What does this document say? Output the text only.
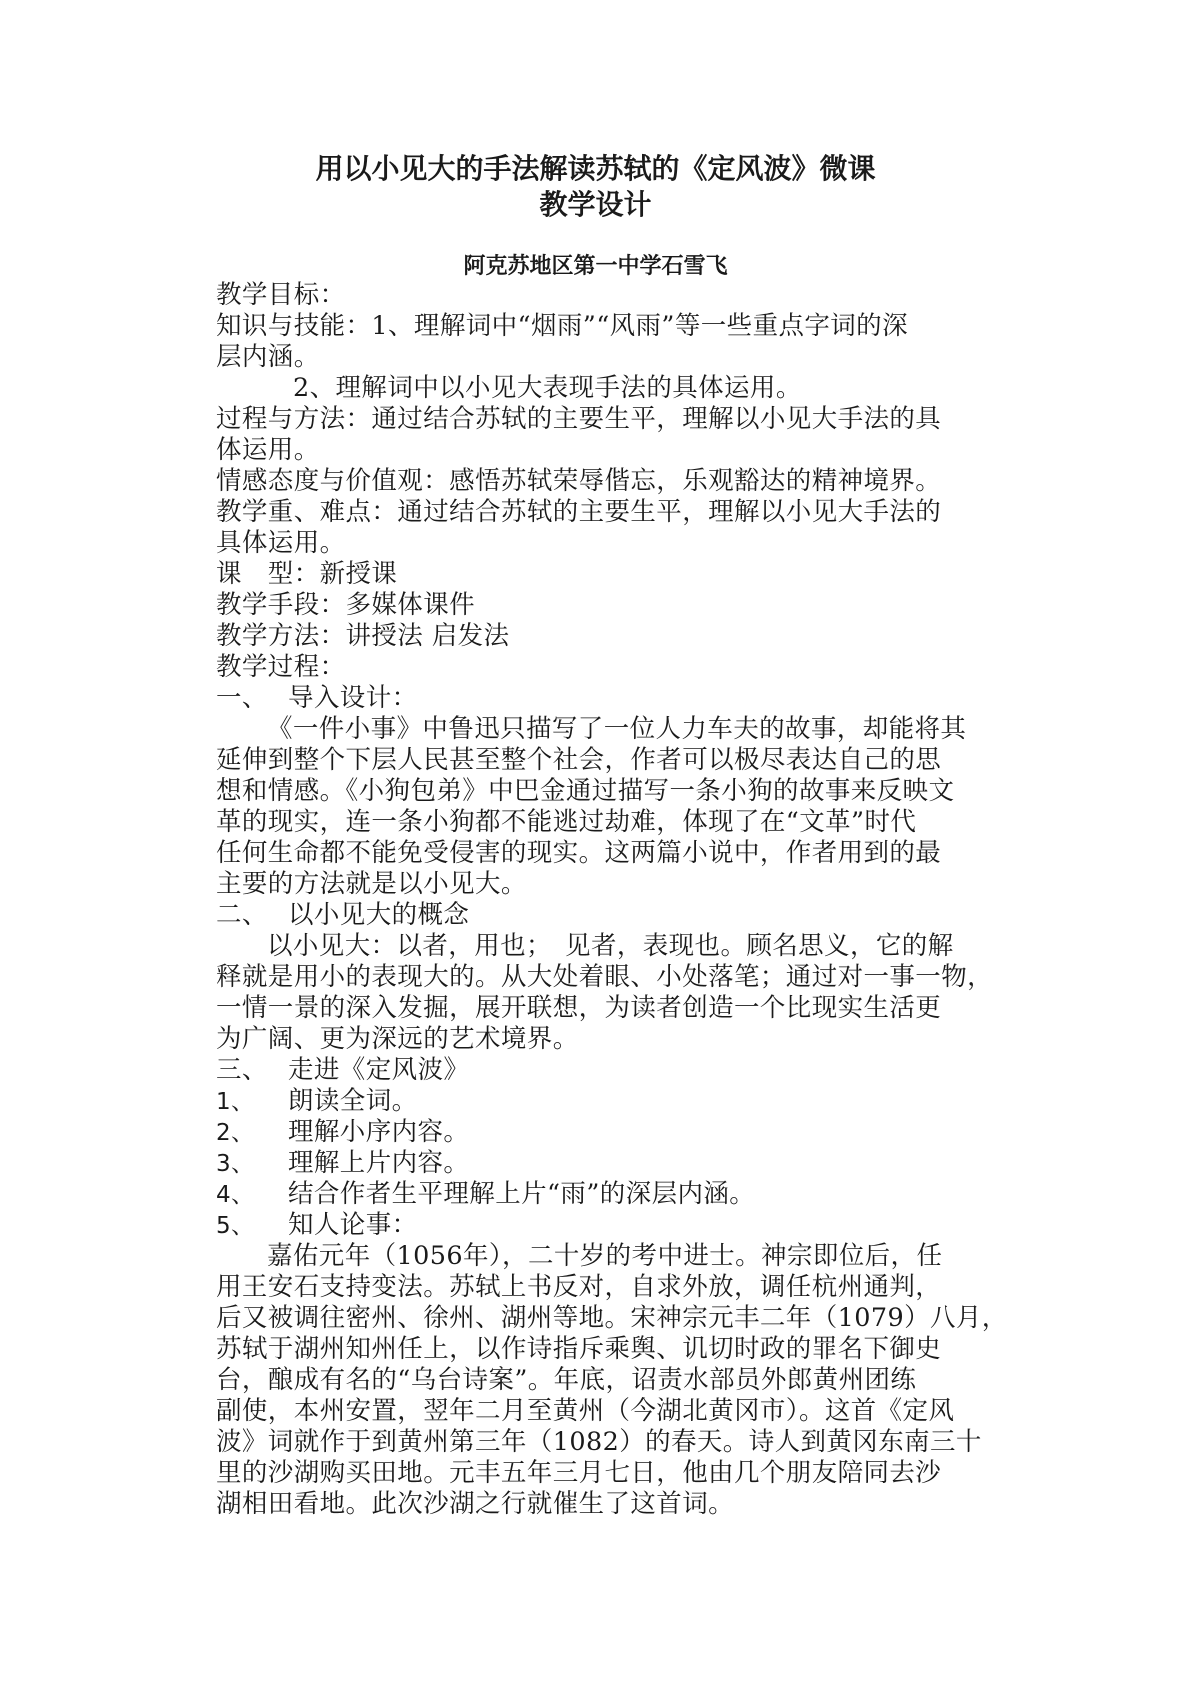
用以小见大的手法解读苏轼的《定风波》微课
教学设计
阿克苏地区第一中学石雪飞
教学目标：
知识与技能：1、理解词中“烟雨”“风雨”等一些重点字词的深
层内涵。
2、理解词中以小见大表现手法的具体运用。
过程与方法：通过结合苏轼的主要生平，理解以小见大手法的具
体运用。
情感态度与价值观：感悟苏轼荣辱偕忘，乐观豁达的精神境界。
教学重、难点：通过结合苏轼的主要生平，理解以小见大手法的
具体运用。
课　型：新授课
教学手段：多媒体课件
教学方法：讲授法 启发法
教学过程：
一、 导入设计：
《一件小事》中鲁迅只描写了一位人力车夫的故事，却能将其
延伸到整个下层人民甚至整个社会，作者可以极尽表达自己的思
想和情感。《小狗包弟》中巴金通过描写一条小狗的故事来反映文
革的现实，连一条小狗都不能逃过劫难，体现了在“文革”时代
任何生命都不能免受侵害的现实。这两篇小说中，作者用到的最
主要的方法就是以小见大。
二、 以小见大的概念
以小见大：以者，用也；　见者，表现也。顾名思义，它的解
释就是用小的表现大的。从大处着眼、小处落笔；通过对一事一物，
一情一景的深入发掘，展开联想，为读者创造一个比现实生活更
为广阔、更为深远的艺术境界。
三、 走进《定风波》
1、 朗读全词。
2、 理解小序内容。
3、 理解上片内容。
4、 结合作者生平理解上片“雨”的深层内涵。
5、 知人论事：
嘉佑元年（1056年），二十岁的考中进士。神宗即位后，任
用王安石支持变法。苏轼上书反对，自求外放，调任杭州通判，
后又被调往密州、徐州、湖州等地。宋神宗元丰二年（1079）八月，
苏轼于湖州知州任上，以作诗指斥乘舆、讥切时政的罪名下御史
台，酿成有名的“乌台诗案”。年底，诏责水部员外郎黄州团练
副使，本州安置，翌年二月至黄州（今湖北黄冈市）。这首《定风
波》词就作于到黄州第三年（1082）的春天。诗人到黄冈东南三十
里的沙湖购买田地。元丰五年三月七日，他由几个朋友陪同去沙
湖相田看地。此次沙湖之行就催生了这首词。
